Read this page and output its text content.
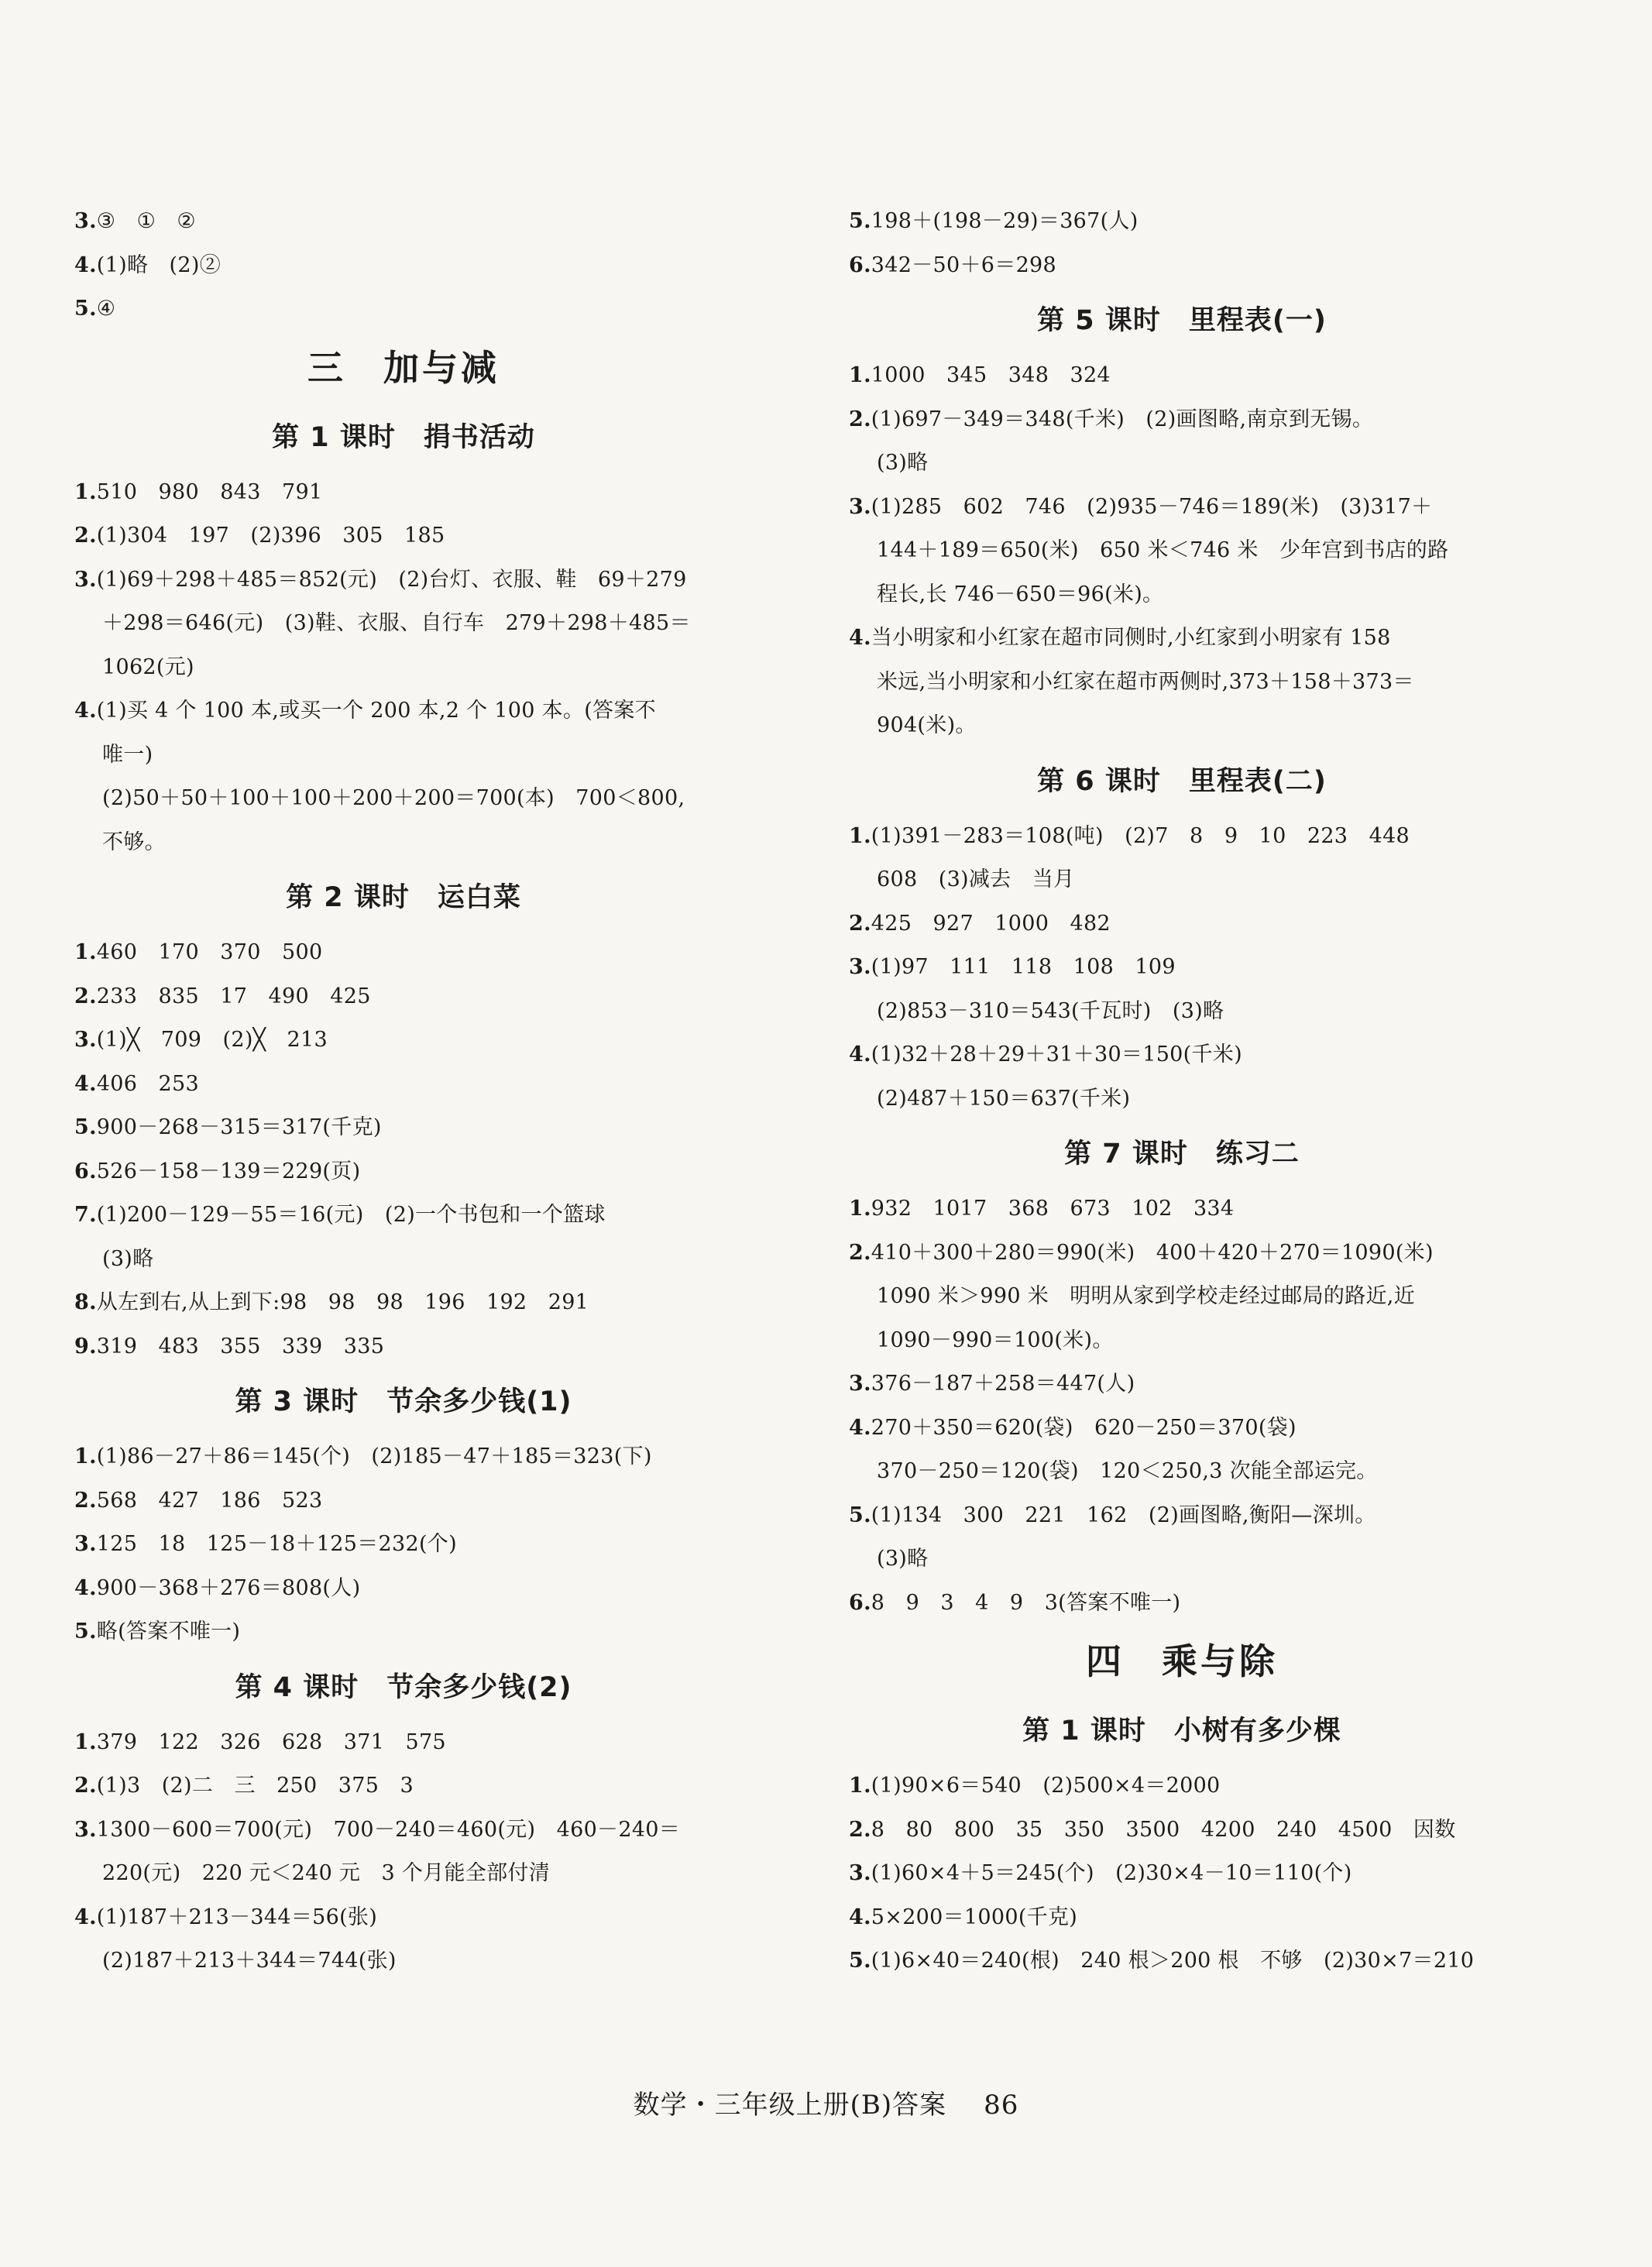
3.③　①　②
4.(1)略　(2)②
5.④
三 加与减
第 1 课时 捐书活动
1.510　980　843　791
2.(1)304　197　(2)396　305　185
3.(1)69＋298＋485＝852(元)　(2)台灯、衣服、鞋　69＋279
＋298＝646(元)　(3)鞋、衣服、自行车　279＋298＋485＝
1062(元)
4.(1)买 4 个 100 本,或买一个 200 本,2 个 100 本。(答案不
唯一)
(2)50＋50＋100＋100＋200＋200＝700(本)　700＜800,
不够。
第 2 课时 运白菜
1.460　170　370　500
2.233　835　17　490　425
3.(1)╳　709　(2)╳　213
4.406　253
5.900－268－315＝317(千克)
6.526－158－139＝229(页)
7.(1)200－129－55＝16(元)　(2)一个书包和一个篮球
(3)略
8.从左到右,从上到下:98　98　98　196　192　291
9.319　483　355　339　335
第 3 课时 节余多少钱(1)
1.(1)86－27＋86＝145(个)　(2)185－47＋185＝323(下)
2.568　427　186　523
3.125　18　125－18＋125＝232(个)
4.900－368＋276＝808(人)
5.略(答案不唯一)
第 4 课时 节余多少钱(2)
1.379　122　326　628　371　575
2.(1)3　(2)二　三　250　375　3
3.1300－600＝700(元)　700－240＝460(元)　460－240＝
220(元)　220 元＜240 元　3 个月能全部付清
4.(1)187＋213－344＝56(张)
(2)187＋213＋344＝744(张)
5.198＋(198－29)＝367(人)
6.342－50＋6＝298
第 5 课时 里程表(一)
1.1000　345　348　324
2.(1)697－349＝348(千米)　(2)画图略,南京到无锡。
(3)略
3.(1)285　602　746　(2)935－746＝189(米)　(3)317＋
144＋189＝650(米)　650 米＜746 米　少年宫到书店的路
程长,长 746－650＝96(米)。
4.当小明家和小红家在超市同侧时,小红家到小明家有 158
米远,当小明家和小红家在超市两侧时,373＋158＋373＝
904(米)。
第 6 课时 里程表(二)
1.(1)391－283＝108(吨)　(2)7　8　9　10　223　448
608　(3)减去　当月
2.425　927　1000　482
3.(1)97　111　118　108　109
(2)853－310＝543(千瓦时)　(3)略
4.(1)32＋28＋29＋31＋30＝150(千米)
(2)487＋150＝637(千米)
第 7 课时 练习二
1.932　1017　368　673　102　334
2.410＋300＋280＝990(米)　400＋420＋270＝1090(米)
1090 米＞990 米　明明从家到学校走经过邮局的路近,近
1090－990＝100(米)。
3.376－187＋258＝447(人)
4.270＋350＝620(袋)　620－250＝370(袋)
370－250＝120(袋)　120＜250,3 次能全部运完。
5.(1)134　300　221　162　(2)画图略,衡阳—深圳。
(3)略
6.8　9　3　4　9　3(答案不唯一)
四 乘与除
第 1 课时 小树有多少棵
1.(1)90×6＝540　(2)500×4＝2000
2.8　80　800　35　350　3500　4200　240　4500　因数
3.(1)60×4＋5＝245(个)　(2)30×4－10＝110(个)
4.5×200＝1000(千克)
5.(1)6×40＝240(根)　240 根＞200 根　不够　(2)30×7＝210
数学・三年级上册(B)答案 86
